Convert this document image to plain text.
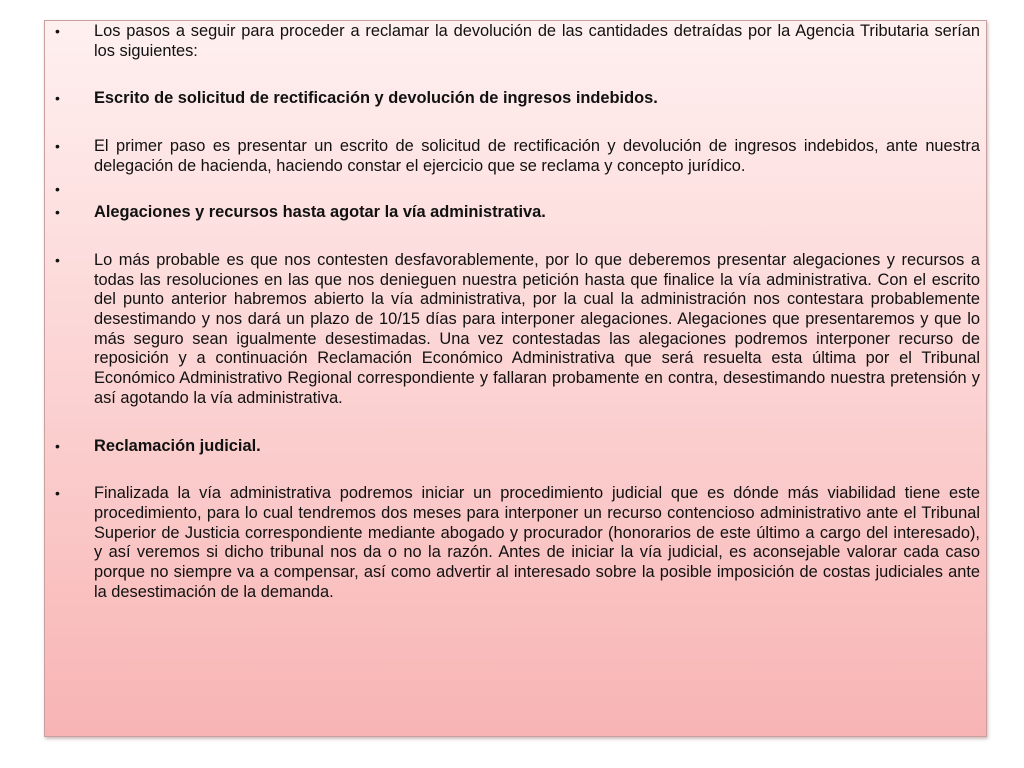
•	Los pasos a seguir para proceder a reclamar la devolución de las cantidades detraídas por la Agencia Tributaria serían los siguientes:
•	Escrito de solicitud de rectificación y devolución de ingresos indebidos.
•	El primer paso es presentar un escrito de solicitud de rectificación y devolución de ingresos indebidos, ante nuestra delegación de hacienda, haciendo constar el ejercicio que se reclama y concepto jurídico.
•
•	Alegaciones y recursos hasta agotar la vía administrativa.
•	Lo más probable es que nos contesten desfavorablemente, por lo que deberemos presentar alegaciones y recursos a todas las resoluciones en las que nos denieguen nuestra petición hasta que finalice la vía administrativa. Con el escrito del punto anterior habremos abierto la vía administrativa, por la cual la administración nos contestara probablemente desestimando y nos dará un plazo de 10/15 días para interponer alegaciones. Alegaciones que presentaremos y que lo más seguro sean igualmente desestimadas. Una vez contestadas las alegaciones podremos interponer recurso de reposición y a continuación Reclamación Económico Administrativa que será resuelta esta última por el Tribunal Económico Administrativo Regional correspondiente y fallaran probamente en contra, desestimando nuestra pretensión y así agotando la vía administrativa.
•	Reclamación judicial.
•	Finalizada la vía administrativa podremos iniciar un procedimiento judicial que es dónde más viabilidad tiene este procedimiento, para lo cual tendremos dos meses para interponer un recurso contencioso administrativo ante el Tribunal Superior de Justicia correspondiente mediante abogado y procurador (honorarios de este último a cargo del interesado), y así veremos si dicho tribunal nos da o no la razón. Antes de iniciar la vía judicial, es aconsejable valorar cada caso porque no siempre va a compensar, así como advertir al interesado sobre la posible imposición de costas judiciales ante la desestimación de la demanda.
